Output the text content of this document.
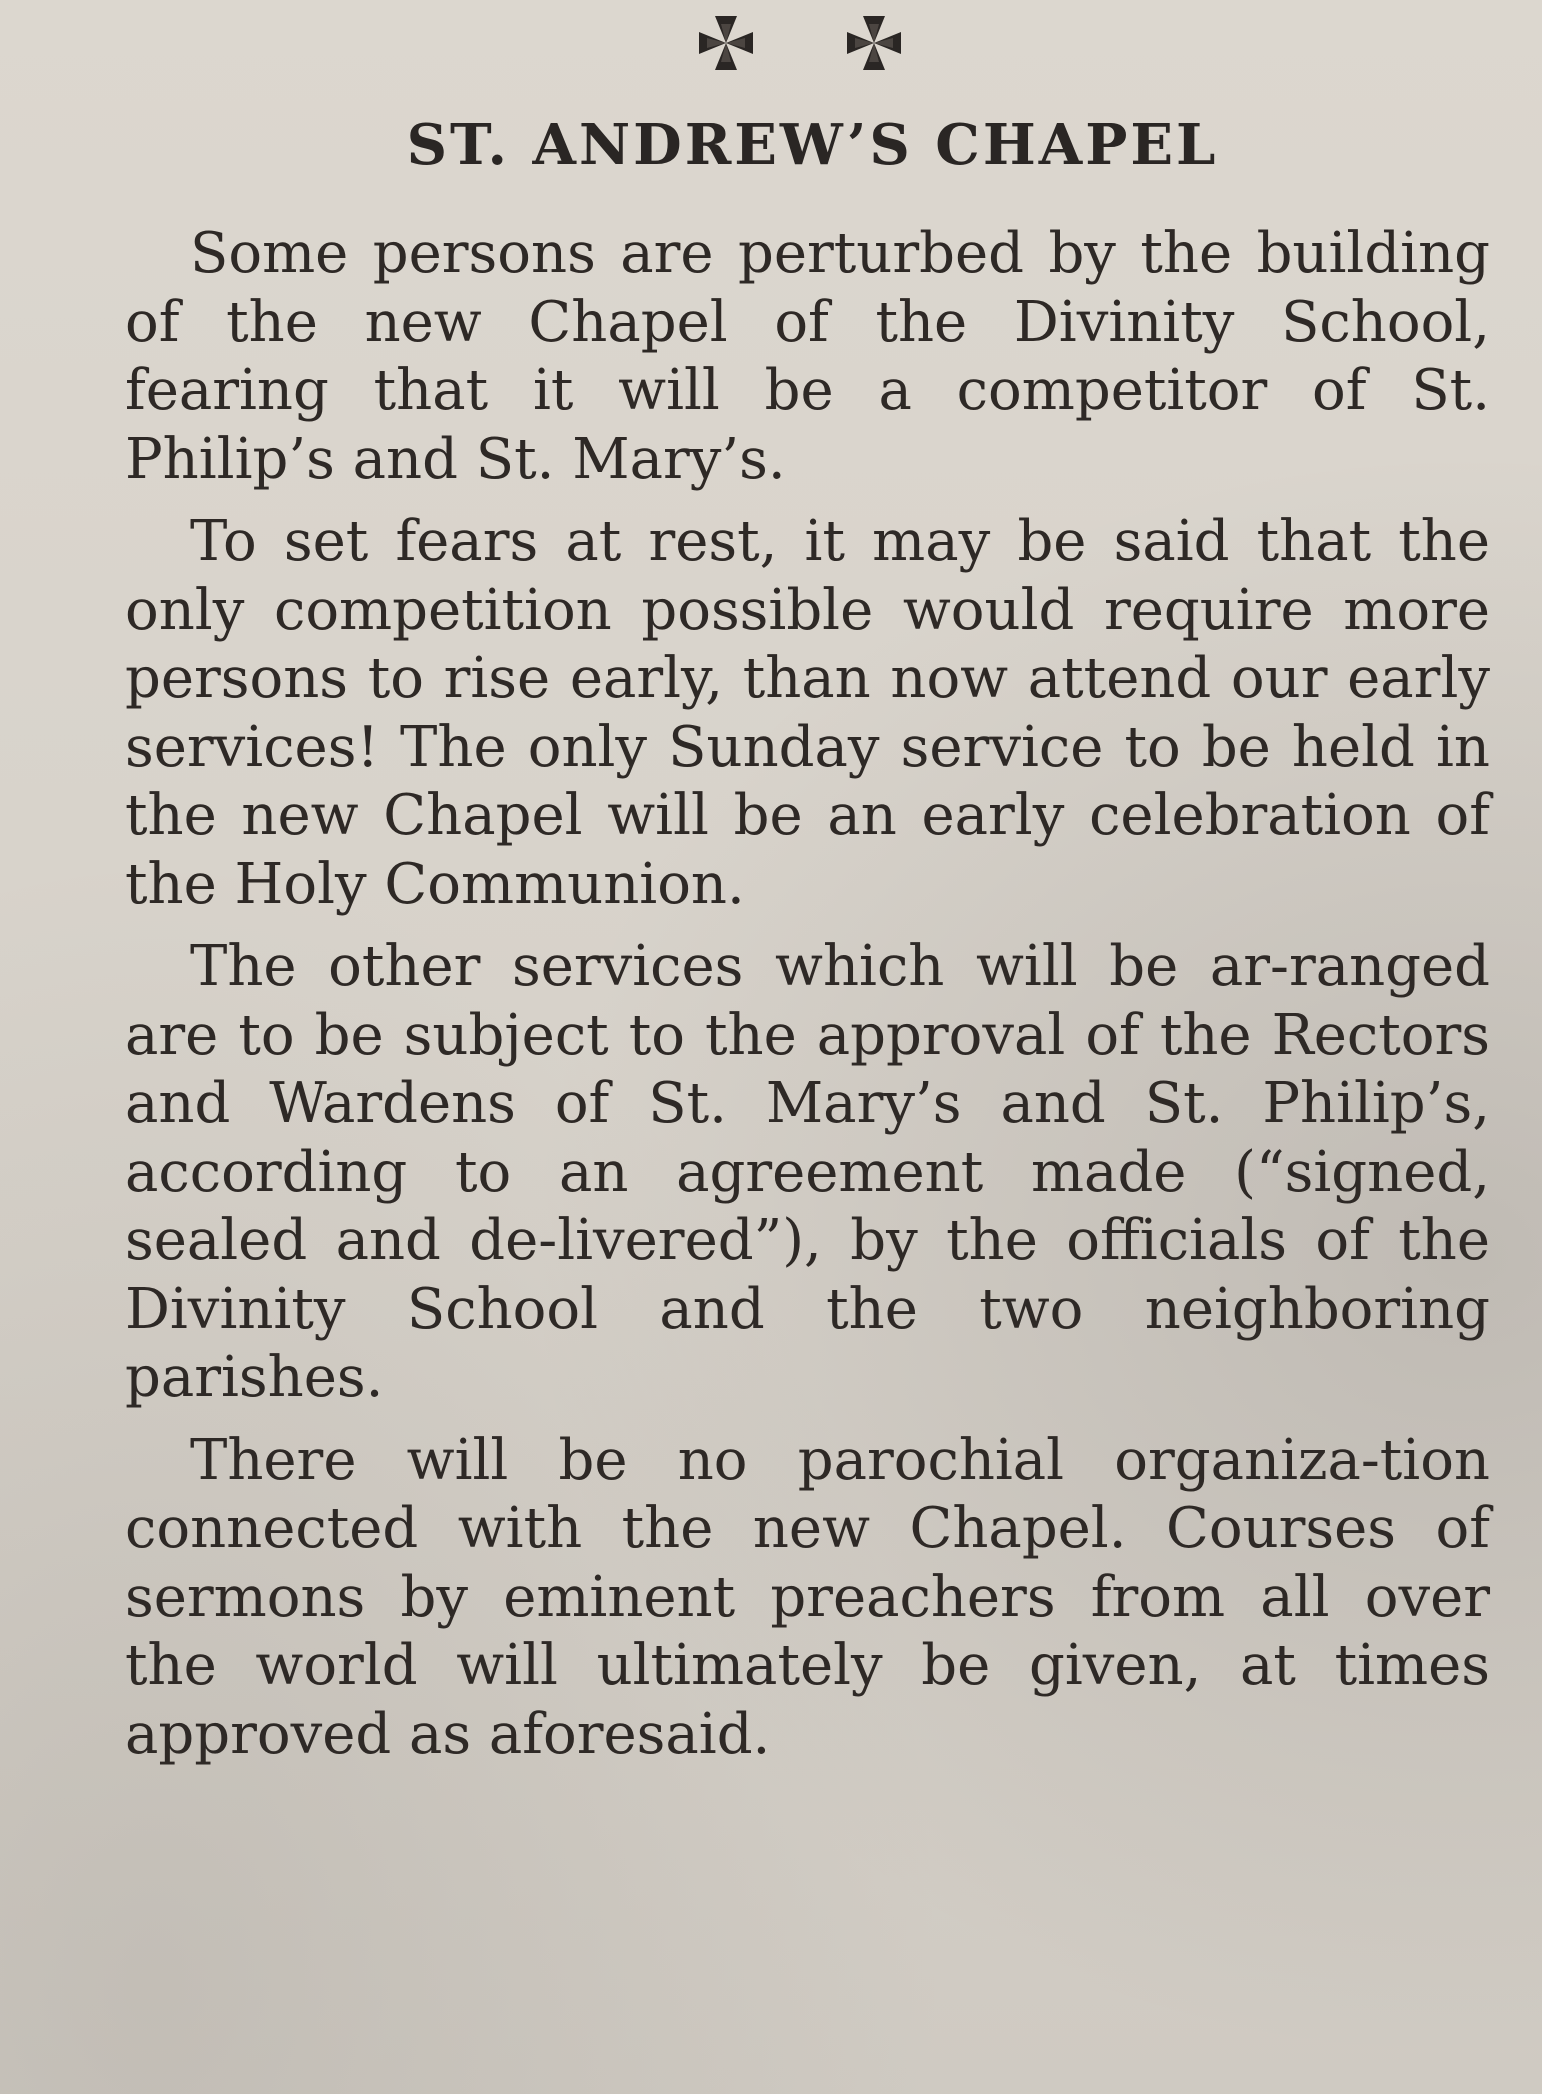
ST. ANDREW’S CHAPEL

Some persons are perturbed by the building of the new Chapel of the Divinity School, fearing that it will be a competitor of St. Philip’s and St. Mary’s.

To set fears at rest, it may be said that the only competition possible would require more persons to rise early, than now attend our early services! The only Sunday service to be held in the new Chapel will be an early celebration of the Holy Communion.

The other services which will be ar-ranged are to be subject to the approval of the Rectors and Wardens of St. Mary’s and St. Philip’s, according to an agreement made (“signed, sealed and de-livered”), by the officials of the Divinity School and the two neighboring parishes.

There will be no parochial organiza-tion connected with the new Chapel. Courses of sermons by eminent preachers from all over the world will ultimately be given, at times approved as aforesaid.
